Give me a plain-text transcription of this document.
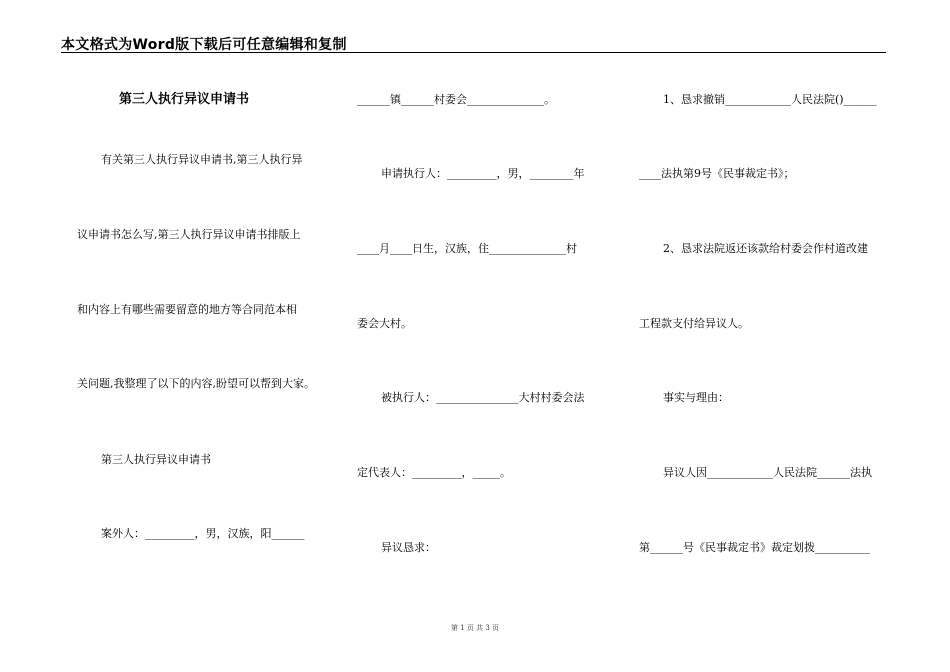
本文格式为Word版下载后可任意编辑和复制
第三人执行异议申请书
有关第三人执行异议申请书,第三人执行异
议申请书怎么写,第三人执行异议申请书排版上
和内容上有哪些需要留意的地方等合同范本相
关问题,我整理了以下的内容,盼望可以帮到大家。
第三人执行异议申请书
案外人：_________，男，汉族，阳______
______镇______村委会______________。
申请执行人：_________，男，________年
____月____日生，汉族，住______________村
委会大村。
被执行人：_______________大村村委会法
定代表人：_________，_____。
异议恳求：
1、恳求撤销____________人民法院()______
____法执第9号《民事裁定书》；
2、恳求法院返还该款给村委会作村道改建
工程款支付给异议人。
事实与理由：
异议人因____________人民法院______法执
第______号《民事裁定书》裁定划拨__________
第 1 页 共 3 页
